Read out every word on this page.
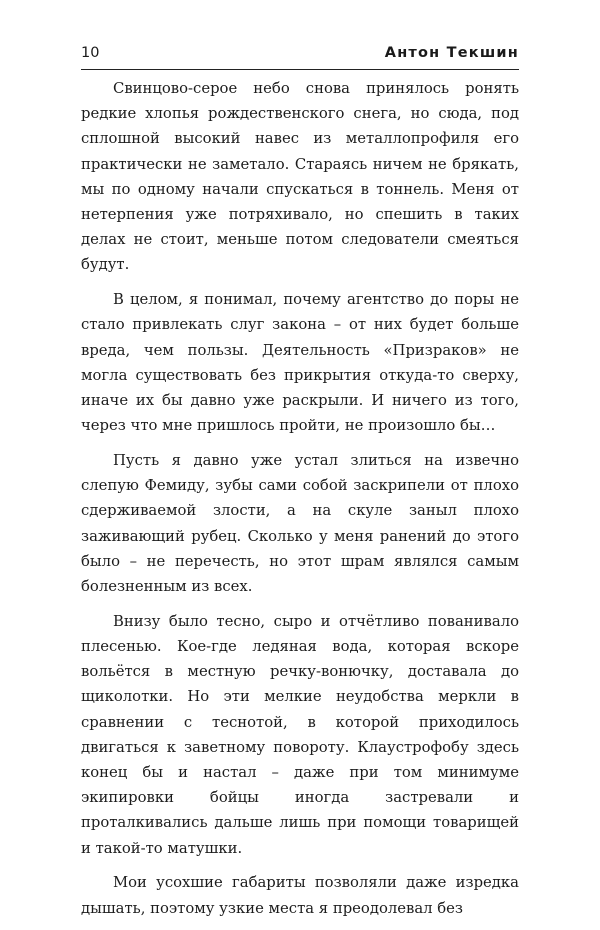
10	Антон Текшин

Свинцово-серое небо снова принялось ронять редкие хлопья рождественского снега, но сюда, под сплошной высокий навес из металлопрофиля его практически не заметало. Стараясь ничем не брякать, мы по одному начали спускаться в тоннель. Меня от нетерпения уже потряхивало, но спешить в таких делах не стоит, меньше потом следователи смеяться будут.

В целом, я понимал, почему агентство до поры не стало привлекать слуг закона – от них будет больше вреда, чем пользы. Деятельность «Призраков» не могла существовать без прикрытия откуда-то сверху, иначе их бы давно уже раскрыли. И ничего из того, через что мне пришлось пройти, не произошло бы…

Пусть я давно уже устал злиться на извечно слепую Фемиду, зубы сами собой заскрипели от плохо сдерживаемой злости, а на скуле заныл плохо заживающий рубец. Сколько у меня ранений до этого было – не перечесть, но этот шрам являлся самым болезненным из всех.

Внизу было тесно, сыро и отчётливо пованивало плесенью. Кое-где ледяная вода, которая вскоре вольётся в местную речку-вонючку, доставала до щиколотки. Но эти мелкие неудобства меркли в сравнении с теснотой, в которой приходилось двигаться к заветному повороту. Клаустрофобу здесь конец бы и настал – даже при том минимуме экипировки бойцы иногда застревали и проталкивались дальше лишь при помощи товарищей и такой-то матушки.

Мои усохшие габариты позволяли даже изредка дышать, поэтому узкие места я преодолевал без
